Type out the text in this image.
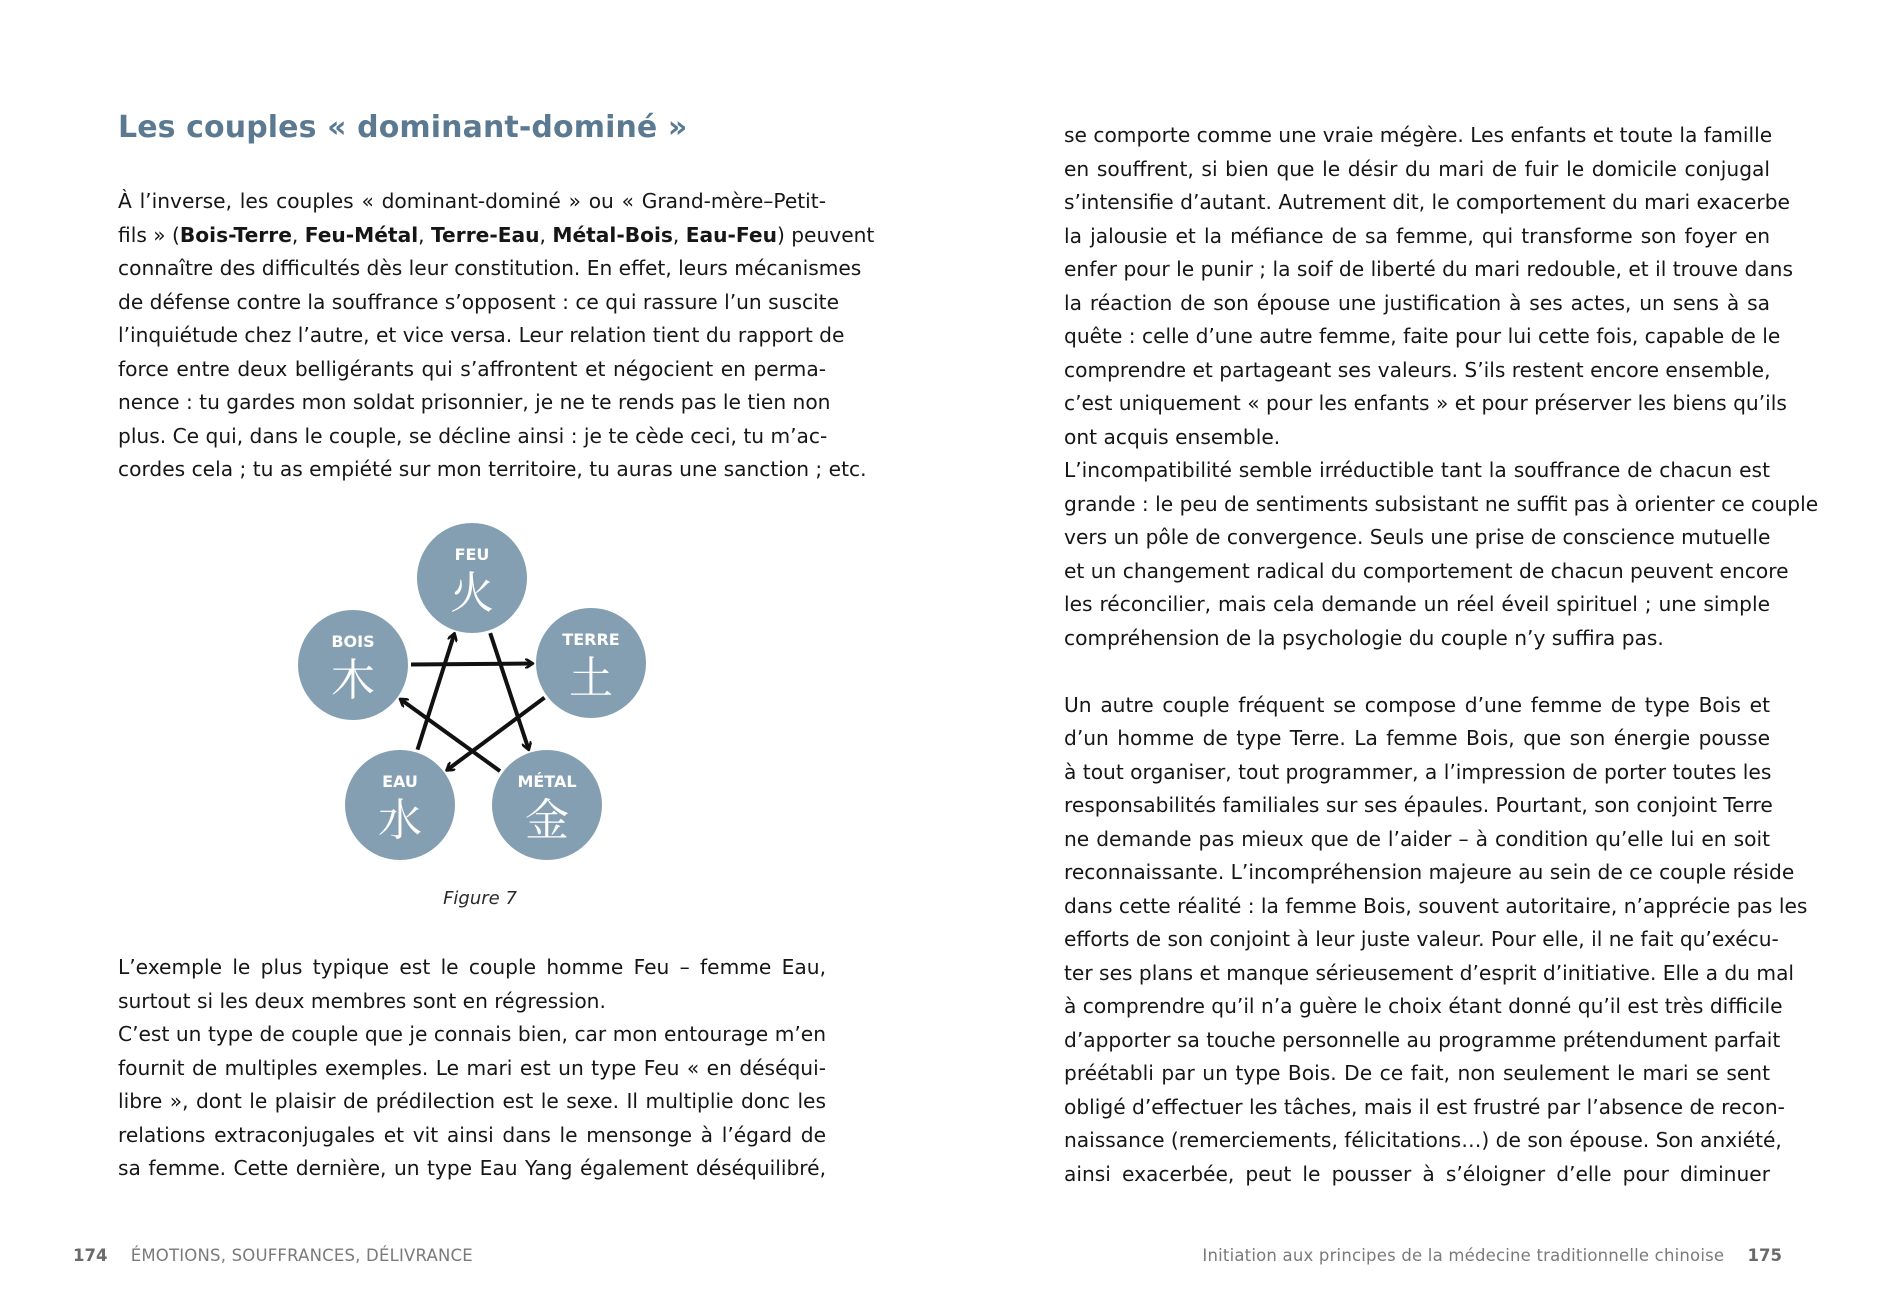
Les couples « dominant-dominé »
À l’inverse, les couples « dominant-dominé » ou « Grand-mère–Petit-
fils » (Bois-Terre, Feu-Métal, Terre-Eau, Métal-Bois, Eau-Feu) peuvent
connaître des difficultés dès leur constitution. En effet, leurs mécanismes
de défense contre la souffrance s’opposent : ce qui rassure l’un suscite
l’inquiétude chez l’autre, et vice versa. Leur relation tient du rapport de
force entre deux belligérants qui s’affrontent et négocient en perma-
nence : tu gardes mon soldat prisonnier, je ne te rends pas le tien non
plus. Ce qui, dans le couple, se décline ainsi : je te cède ceci, tu m’ac-
cordes cela ; tu as empiété sur mon territoire, tu auras une sanction ; etc.
FEU
火
BOIS
木
TERRE
土
EAU
水
MÉTAL
金
Figure 7
L’exemple le plus typique est le couple homme Feu – femme Eau,
surtout si les deux membres sont en régression.
C’est un type de couple que je connais bien, car mon entourage m’en
fournit de multiples exemples. Le mari est un type Feu « en déséqui-
libre », dont le plaisir de prédilection est le sexe. Il multiplie donc les
relations extraconjugales et vit ainsi dans le mensonge à l’égard de
sa femme. Cette dernière, un type Eau Yang également déséquilibré,
174 ÉMOTIONS, SOUFFRANCES, DÉLIVRANCE	Initiation aux principes de la médecine traditionnelle chinoise 175
se comporte comme une vraie mégère. Les enfants et toute la famille
en souffrent, si bien que le désir du mari de fuir le domicile conjugal
s’intensifie d’autant. Autrement dit, le comportement du mari exacerbe
la jalousie et la méfiance de sa femme, qui transforme son foyer en
enfer pour le punir ; la soif de liberté du mari redouble, et il trouve dans
la réaction de son épouse une justification à ses actes, un sens à sa
quête : celle d’une autre femme, faite pour lui cette fois, capable de le
comprendre et partageant ses valeurs. S’ils restent encore ensemble,
c’est uniquement « pour les enfants » et pour préserver les biens qu’ils
ont acquis ensemble.
L’incompatibilité semble irréductible tant la souffrance de chacun est
grande : le peu de sentiments subsistant ne suffit pas à orienter ce couple
vers un pôle de convergence. Seuls une prise de conscience mutuelle
et un changement radical du comportement de chacun peuvent encore
les réconcilier, mais cela demande un réel éveil spirituel ; une simple
compréhension de la psychologie du couple n’y suffira pas.
Un autre couple fréquent se compose d’une femme de type Bois et
d’un homme de type Terre. La femme Bois, que son énergie pousse
à tout organiser, tout programmer, a l’impression de porter toutes les
responsabilités familiales sur ses épaules. Pourtant, son conjoint Terre
ne demande pas mieux que de l’aider – à condition qu’elle lui en soit
reconnaissante. L’incompréhension majeure au sein de ce couple réside
dans cette réalité : la femme Bois, souvent autoritaire, n’apprécie pas les
efforts de son conjoint à leur juste valeur. Pour elle, il ne fait qu’exécu-
ter ses plans et manque sérieusement d’esprit d’initiative. Elle a du mal
à comprendre qu’il n’a guère le choix étant donné qu’il est très difficile
d’apporter sa touche personnelle au programme prétendument parfait
préétabli par un type Bois. De ce fait, non seulement le mari se sent
obligé d’effectuer les tâches, mais il est frustré par l’absence de recon-
naissance (remerciements, félicitations…) de son épouse. Son anxiété,
ainsi exacerbée, peut le pousser à s’éloigner d’elle pour diminuer
